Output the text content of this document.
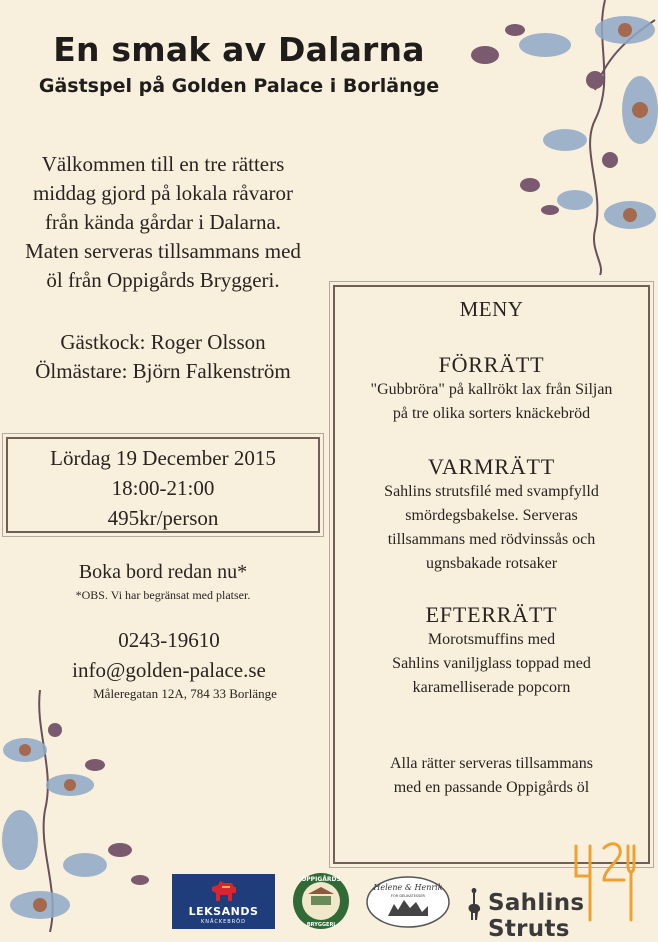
En smak av Dalarna
Gästspel på Golden Palace i Borlänge
Välkommen till en tre rätters
middag gjord på lokala råvaror
från kända gårdar i Dalarna.
Maten serveras tillsammans med
öl från Oppigårds Bryggeri.
Gästkock: Roger Olsson
Ölmästare: Björn Falkenström
Lördag 19 December 2015
18:00-21:00
495kr/person
Boka bord redan nu*
*OBS. Vi har begränsat med platser.
0243-19610
info@golden-palace.se
Måleregatan 12A, 784 33 Borlänge
MENY
FÖRRÄTT
"Gubbröra" på kallrökt lax från Siljan
på tre olika sorters knäckebröd
VARMRÄTT
Sahlins strutsfilé med svampfylld
smördegsbakelse. Serveras
tillsammans med rödvinssås och
ugnsbakade rotsaker
EFTERRÄTT
Morotsmuffins med
Sahlins vaniljglass toppad med
karamelliserade popcorn
Alla rätter serveras tillsammans
med en passande Oppigårds öl
LEKSANDS
KNÄCKEBRÖD
OPPIGÅRDS
BRYGGERI
Helene & Henrik
FOR DELIKATESSER	Sahlins Struts
